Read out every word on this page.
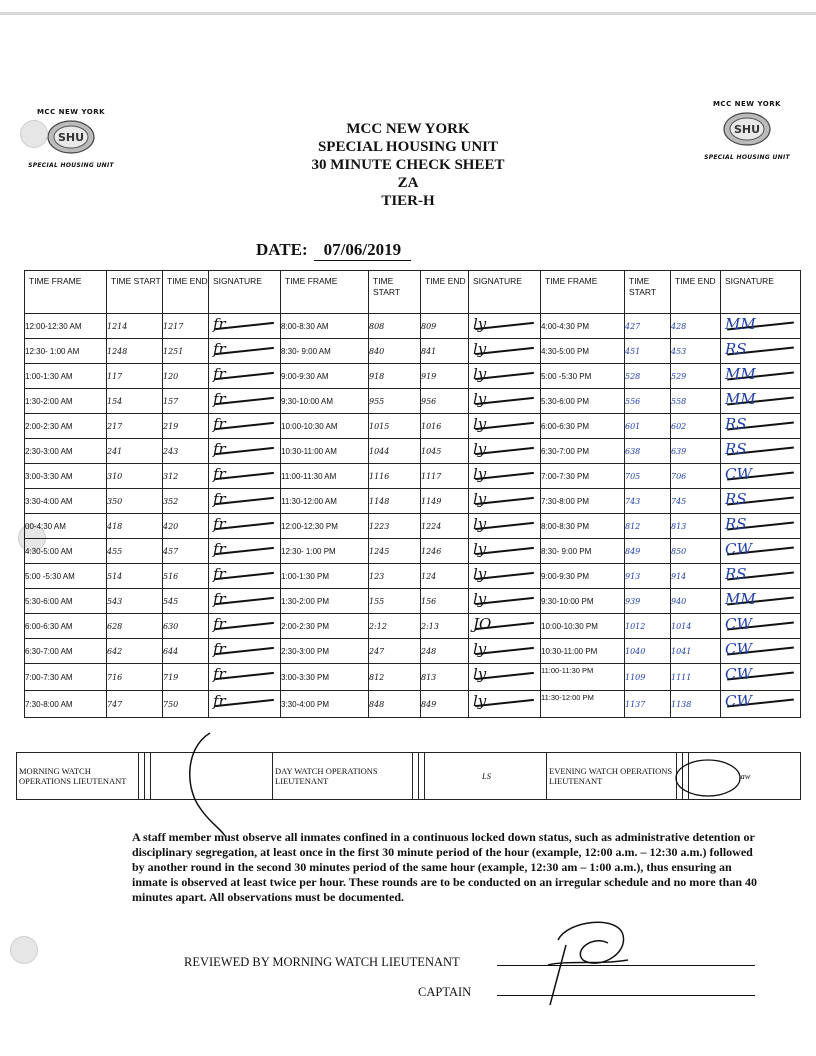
MCC NEW YORK
SHU
SPECIAL HOUSING UNIT
MCC NEW YORK
SHU
SPECIAL HOUSING UNIT
MCC NEW YORK
SPECIAL HOUSING UNIT
30 MINUTE CHECK SHEET
ZA
TIER-H
DATE: 07/06/2019
TIME FRAME	TIME START	TIME END	SIGNATURE	TIME FRAME	TIME START	TIME END	SIGNATURE	TIME FRAME	TIME START	TIME END	SIGNATURE
12:00-12:30 AM	1214	1217	fr	8:00-8:30 AM	808	809	ly	4:00-4:30 PM	427	428	MM

12:30- 1:00 AM	1248	1251	fr	8:30- 9:00 AM	840	841	ly	4:30-5:00 PM	451	453	RS

1:00-1:30 AM	117	120	fr	9:00-9:30 AM	918	919	ly	5:00 -5:30 PM	528	529	MM

1:30-2:00 AM	154	157	fr	9:30-10:00 AM	955	956	ly	5:30-6:00 PM	556	558	MM

2:00-2:30 AM	217	219	fr	10:00-10:30 AM	1015	1016	ly	6:00-6:30 PM	601	602	RS

2:30-3:00 AM	241	243	fr	10:30-11:00 AM	1044	1045	ly	6:30-7:00 PM	638	639	RS

3:00-3:30 AM	310	312	fr	11:00-11:30 AM	1116	1117	ly	7:00-7:30 PM	705	706	CW

3:30-4:00 AM	350	352	fr	11:30-12:00 AM	1148	1149	ly	7:30-8:00 PM	743	745	RS

00-4:30 AM	418	420	fr	12:00-12:30 PM	1223	1224	ly	8:00-8:30 PM	812	813	RS

4:30-5:00 AM	455	457	fr	12:30- 1:00 PM	1245	1246	ly	8:30- 9:00 PM	849	850	CW

5:00 -5:30 AM	514	516	fr	1:00-1:30 PM	123	124	ly	9:00-9:30 PM	913	914	RS

5:30-6:00 AM	543	545	fr	1:30-2:00 PM	155	156	ly	9:30-10:00 PM	939	940	MM

6:00-6:30 AM	628	630	fr	2:00-2:30 PM	2:12	2:13	JO	10:00-10:30 PM	1012	1014	CW

6:30-7:00 AM	642	644	fr	2:30-3:00 PM	247	248	ly	10:30-11:00 PM	1040	1041	CW

7:00-7:30 AM	716	719	fr	3:00-3:30 PM	812	813	ly	11:00-11:30 PM	1109	1111	CW

7:30-8:00 AM	747	750	fr	3:30-4:00 PM	848	849	ly	11:30-12:00 PM	1137	1138	CW
MORNING WATCH OPERATIONS LIEUTENANT				DAY WATCH OPERATIONS LIEUTENANT			LS	EVENING WATCH OPERATIONS LIEUTENANT			aw
A staff member must observe all inmates confined in a continuous locked down status, such as administrative detention or disciplinary segregation, at least once in the first 30 minute period of the hour (example, 12:00 a.m. – 12:30 a.m.) followed by another round in the second 30 minutes period of the same hour (example, 12:30 am – 1:00 a.m.), thus ensuring an inmate is observed at least twice per hour. These rounds are to be conducted on an irregular schedule and no more than 40 minutes apart. All observations must be documented.
REVIEWED BY MORNING WATCH LIEUTENANT
CAPTAIN
